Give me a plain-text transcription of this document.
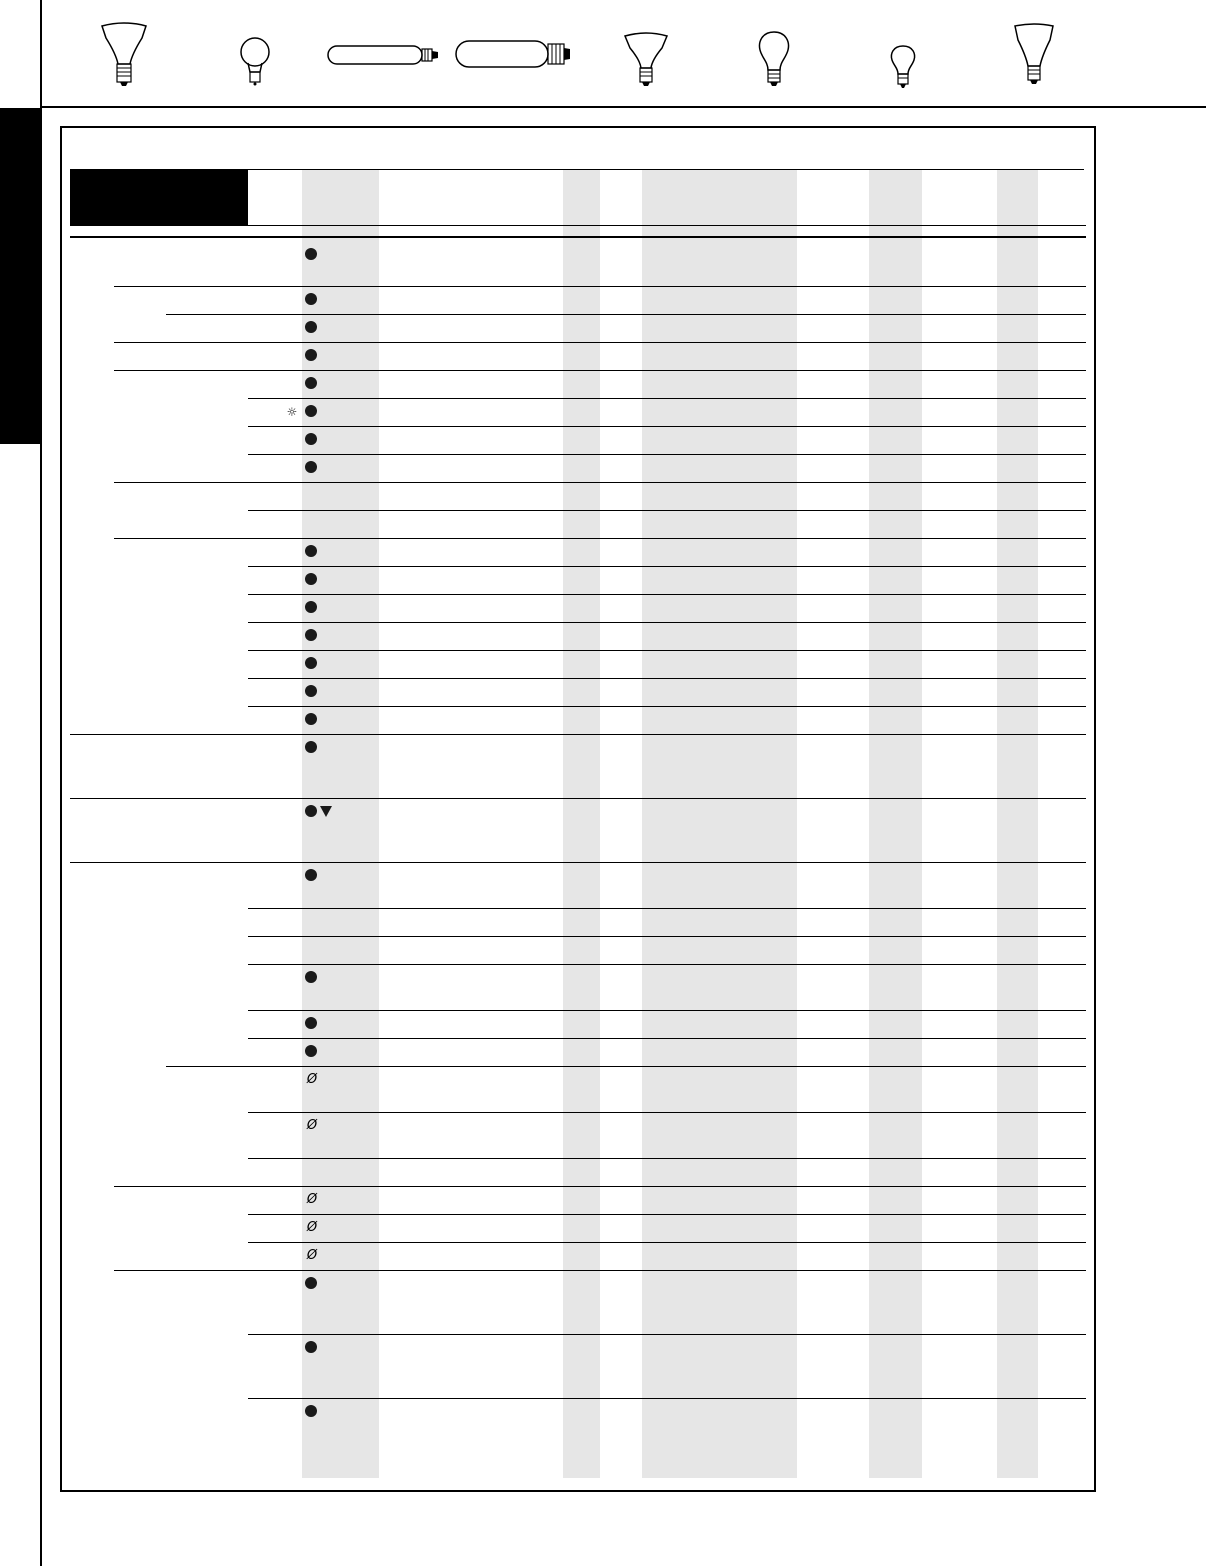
☼
Ø
Ø
Ø
Ø
Ø
